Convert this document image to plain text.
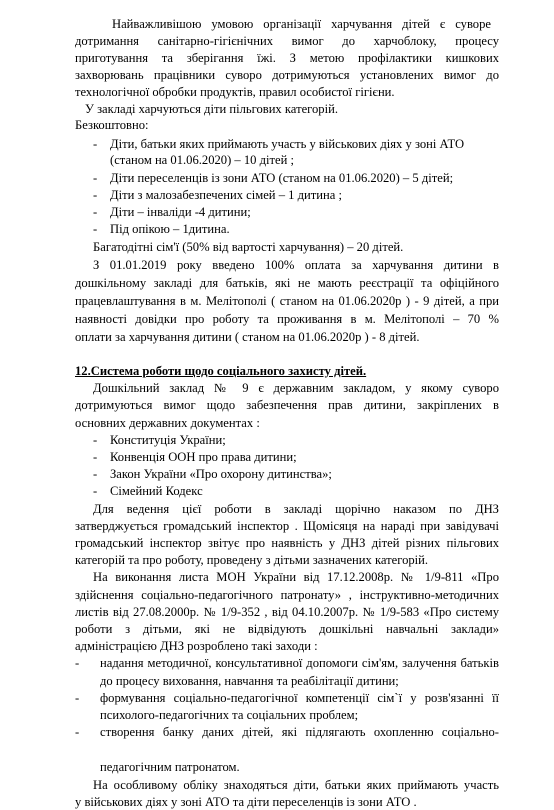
Найважливішою умовою організації харчування дітей є суворе
дотримання санітарно-гігієнічних вимог до харчоблоку, процесу
приготування та зберігання їжі. З метою профілактики кишкових
захворювань працівники суворо дотримуються установлених вимог до
технологічної обробки продуктів, правил особистої гігієни.
У закладі харчуються діти пільгових категорій.
Безкоштовно:
- Діти, батьки яких приймають участь у військових діях у зоні АТО
(станом на 01.06.2020) – 10 дітей ;
- Діти переселенців із зони АТО (станом на 01.06.2020) – 5 дітей;
- Діти з малозабезпечених сімей – 1 дитина ;
- Діти – інваліди -4 дитини;
- Під опікою – 1дитина.
Багатодітні сім'ї (50% від вартості харчування) – 20 дітей.
З 01.01.2019 року введено 100% оплата за харчування дитини в
дошкільному закладі для батьків, які не мають реєстрації та офіційного
працевлаштування в м. Мелітополі ( станом на 01.06.2020р ) - 9 дітей, а при
наявності довідки про роботу та проживання в м. Мелітополі – 70 %
оплати за харчування дитини ( станом на 01.06.2020р ) - 8 дітей.
12.Система роботи щодо соціального захисту дітей.
Дошкільний заклад № 9 є державним закладом, у якому суворо
дотримуються вимог щодо забезпечення прав дитини, закріплених в
основних державних документах :
- Конституція України;
- Конвенція ООН про права дитини;
- Закон України «Про охорону дитинства»;
- Сімейний Кодекс
Для ведення цієї роботи в закладі щорічно наказом по ДНЗ
затверджується громадський інспектор . Щомісяця на нараді при завідувачі
громадський інспектор звітує про наявність у ДНЗ дітей різних пільгових
категорій та про роботу, проведену з дітьми зазначених категорій.
На виконання листа МОН України від 17.12.2008р. № 1/9-811 «Про
здійснення соціально-педагогічного патронату» , інструктивно-методичних
листів від 27.08.2000р. № 1/9-352 , від 04.10.2007р. № 1/9-583 «Про систему
роботи з дітьми, які не відвідують дошкільні навчальні заклади»
адміністрацією ДНЗ розроблено такі заходи :
- надання методичної, консультативної допомоги сім'ям, залучення батьків
до процесу виховання, навчання та реабілітації дитини;
- формування соціально-педагогічної компетенції сім`ї у розв'язанні її
психолого-педагогічних та соціальних проблем;
- створення банку даних дітей, які підлягають охопленню соціально-
педагогічним патронатом.
На особливому обліку знаходяться діти, батьки яких приймають участь
у військових діях у зоні АТО та діти переселенців із зони АТО .
